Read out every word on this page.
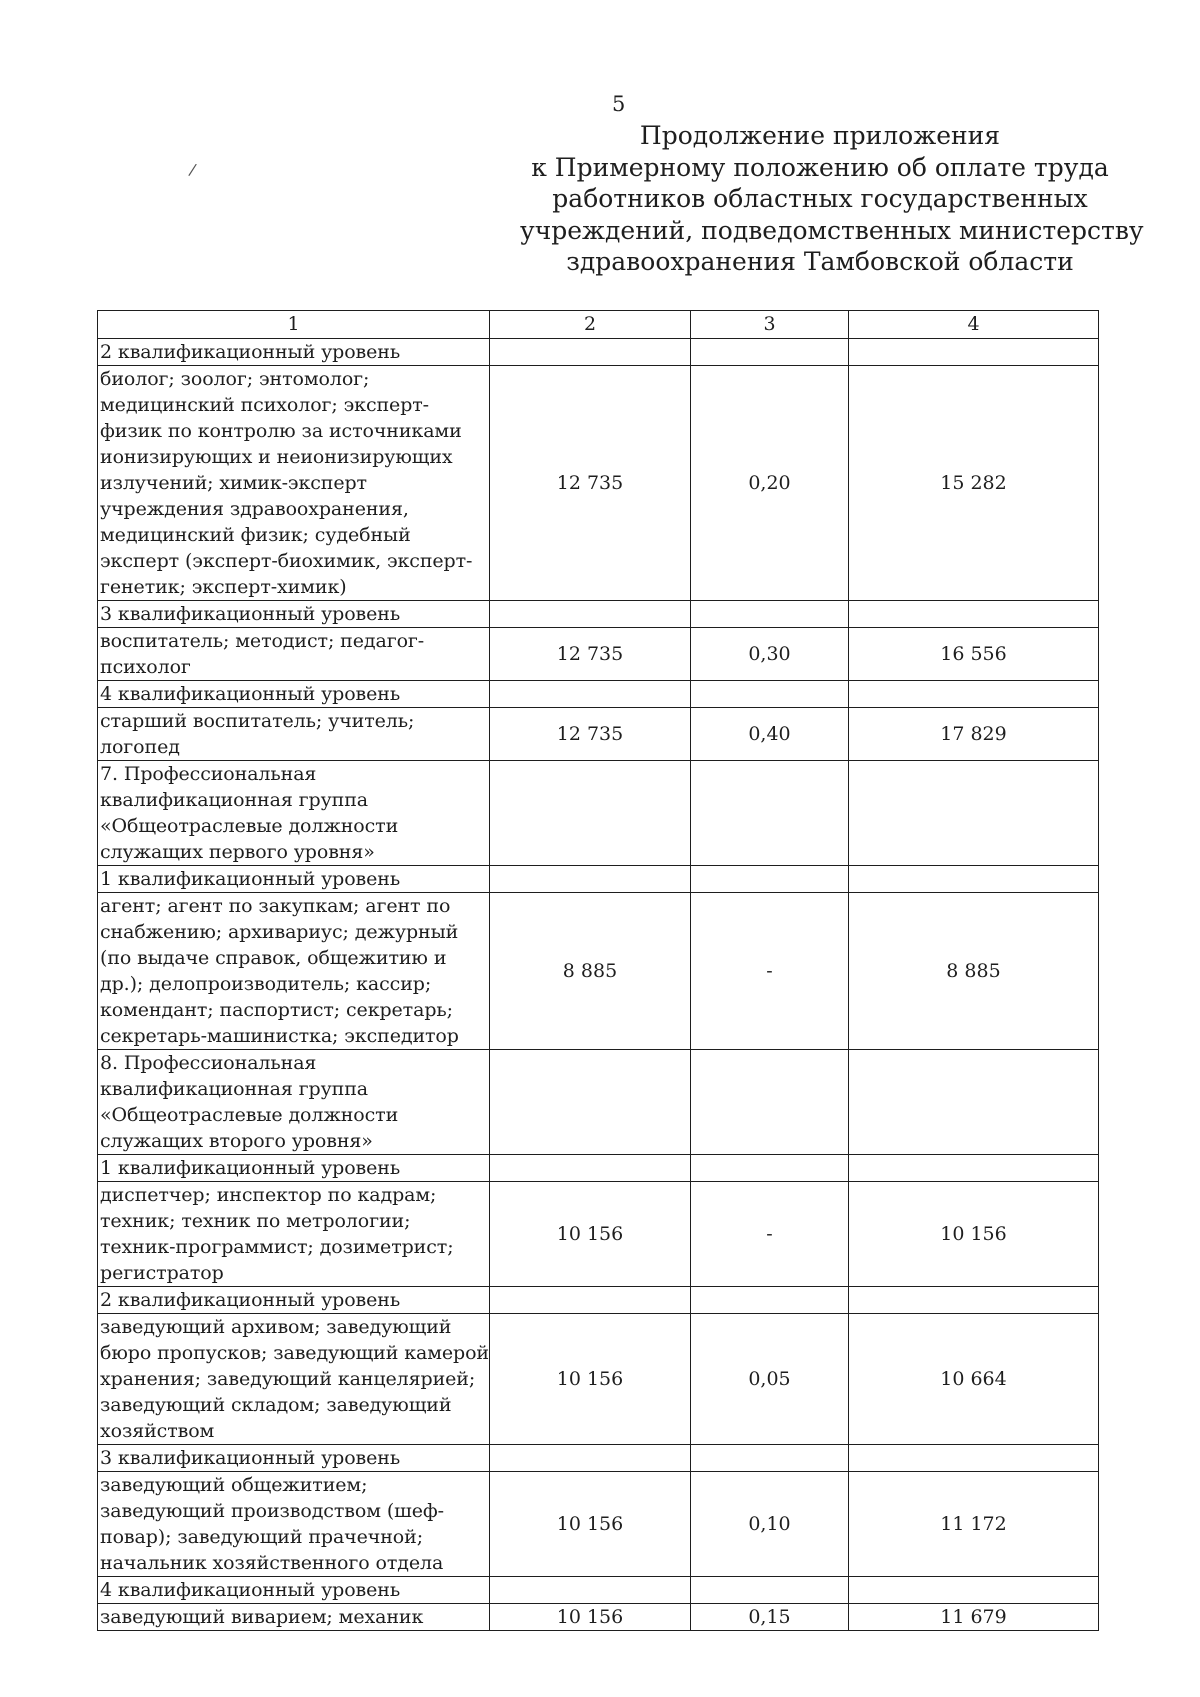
5
/
Продолжение приложения
к Примерному положению об оплате труда
работников областных государственных
учреждений, подведомственных министерству
здравоохранения Тамбовской области
1	2	3	4
2 квалификационный уровень			
биолог; зоолог; энтомолог; медицинский психолог; эксперт-физик по контролю за источниками ионизирующих и неионизирующих излучений; химик-эксперт учреждения здравоохранения, медицинский физик; судебный эксперт (эксперт-биохимик, эксперт-генетик; эксперт-химик)	12 735	0,20	15 282
3 квалификационный уровень			
воспитатель; методист; педагог-психолог	12 735	0,30	16 556
4 квалификационный уровень			
старший воспитатель; учитель; логопед	12 735	0,40	17 829
7. Профессиональная квалификационная группа «Общеотраслевые должности служащих первого уровня»			
1 квалификационный уровень			
агент; агент по закупкам; агент по снабжению; архивариус; дежурный (по выдаче справок, общежитию и др.); делопроизводитель; кассир; комендант; паспортист; секретарь; секретарь-машинистка; экспедитор	8 885	-	8 885
8. Профессиональная квалификационная группа «Общеотраслевые должности служащих второго уровня»			
1 квалификационный уровень			
диспетчер; инспектор по кадрам; техник; техник по метрологии; техник-программист; дозиметрист; регистратор	10 156	-	10 156
2 квалификационный уровень			
заведующий архивом; заведующий бюро пропусков; заведующий камерой хранения; заведующий канцелярией; заведующий складом; заведующий хозяйством	10 156	0,05	10 664
3 квалификационный уровень			
заведующий общежитием; заведующий производством (шеф-повар); заведующий прачечной; начальник хозяйственного отдела	10 156	0,10	11 172
4 квалификационный уровень			
заведующий виварием; механик	10 156	0,15	11 679
